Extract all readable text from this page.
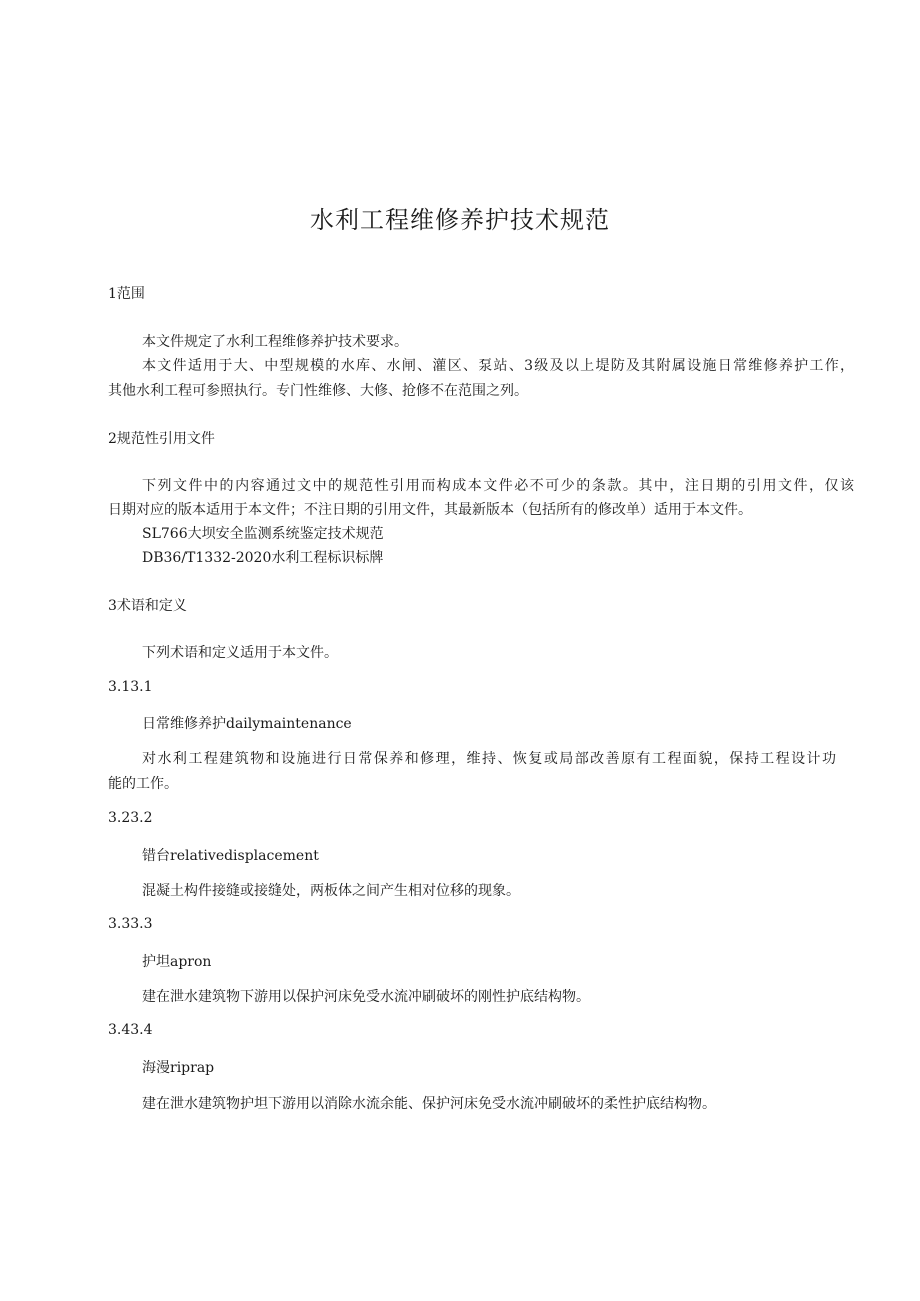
水利工程维修养护技术规范
1范围
本文件规定了水利工程维修养护技术要求。
本文件适用于大、中型规模的水库、水闸、灌区、泵站、3级及以上堤防及其附属设施日常维修养护工作，
其他水利工程可参照执行。专门性维修、大修、抢修不在范围之列。
2规范性引用文件
下列文件中的内容通过文中的规范性引用而构成本文件必不可少的条款。其中，注日期的引用文件，仅该
日期对应的版本适用于本文件；不注日期的引用文件，其最新版本（包括所有的修改单）适用于本文件。
SL766大坝安全监测系统鉴定技术规范
DB36/T1332-2020水利工程标识标牌
3术语和定义
下列术语和定义适用于本文件。
3.13.1
日常维修养护dailymaintenance
对水利工程建筑物和设施进行日常保养和修理，维持、恢复或局部改善原有工程面貌，保持工程设计功
能的工作。
3.23.2
错台relativedisplacement
混凝土构件接缝或接缝处，两板体之间产生相对位移的现象。
3.33.3
护坦apron
建在泄水建筑物下游用以保护河床免受水流冲刷破坏的刚性护底结构物。
3.43.4
海漫riprap
建在泄水建筑物护坦下游用以消除水流余能、保护河床免受水流冲刷破坏的柔性护底结构物。
